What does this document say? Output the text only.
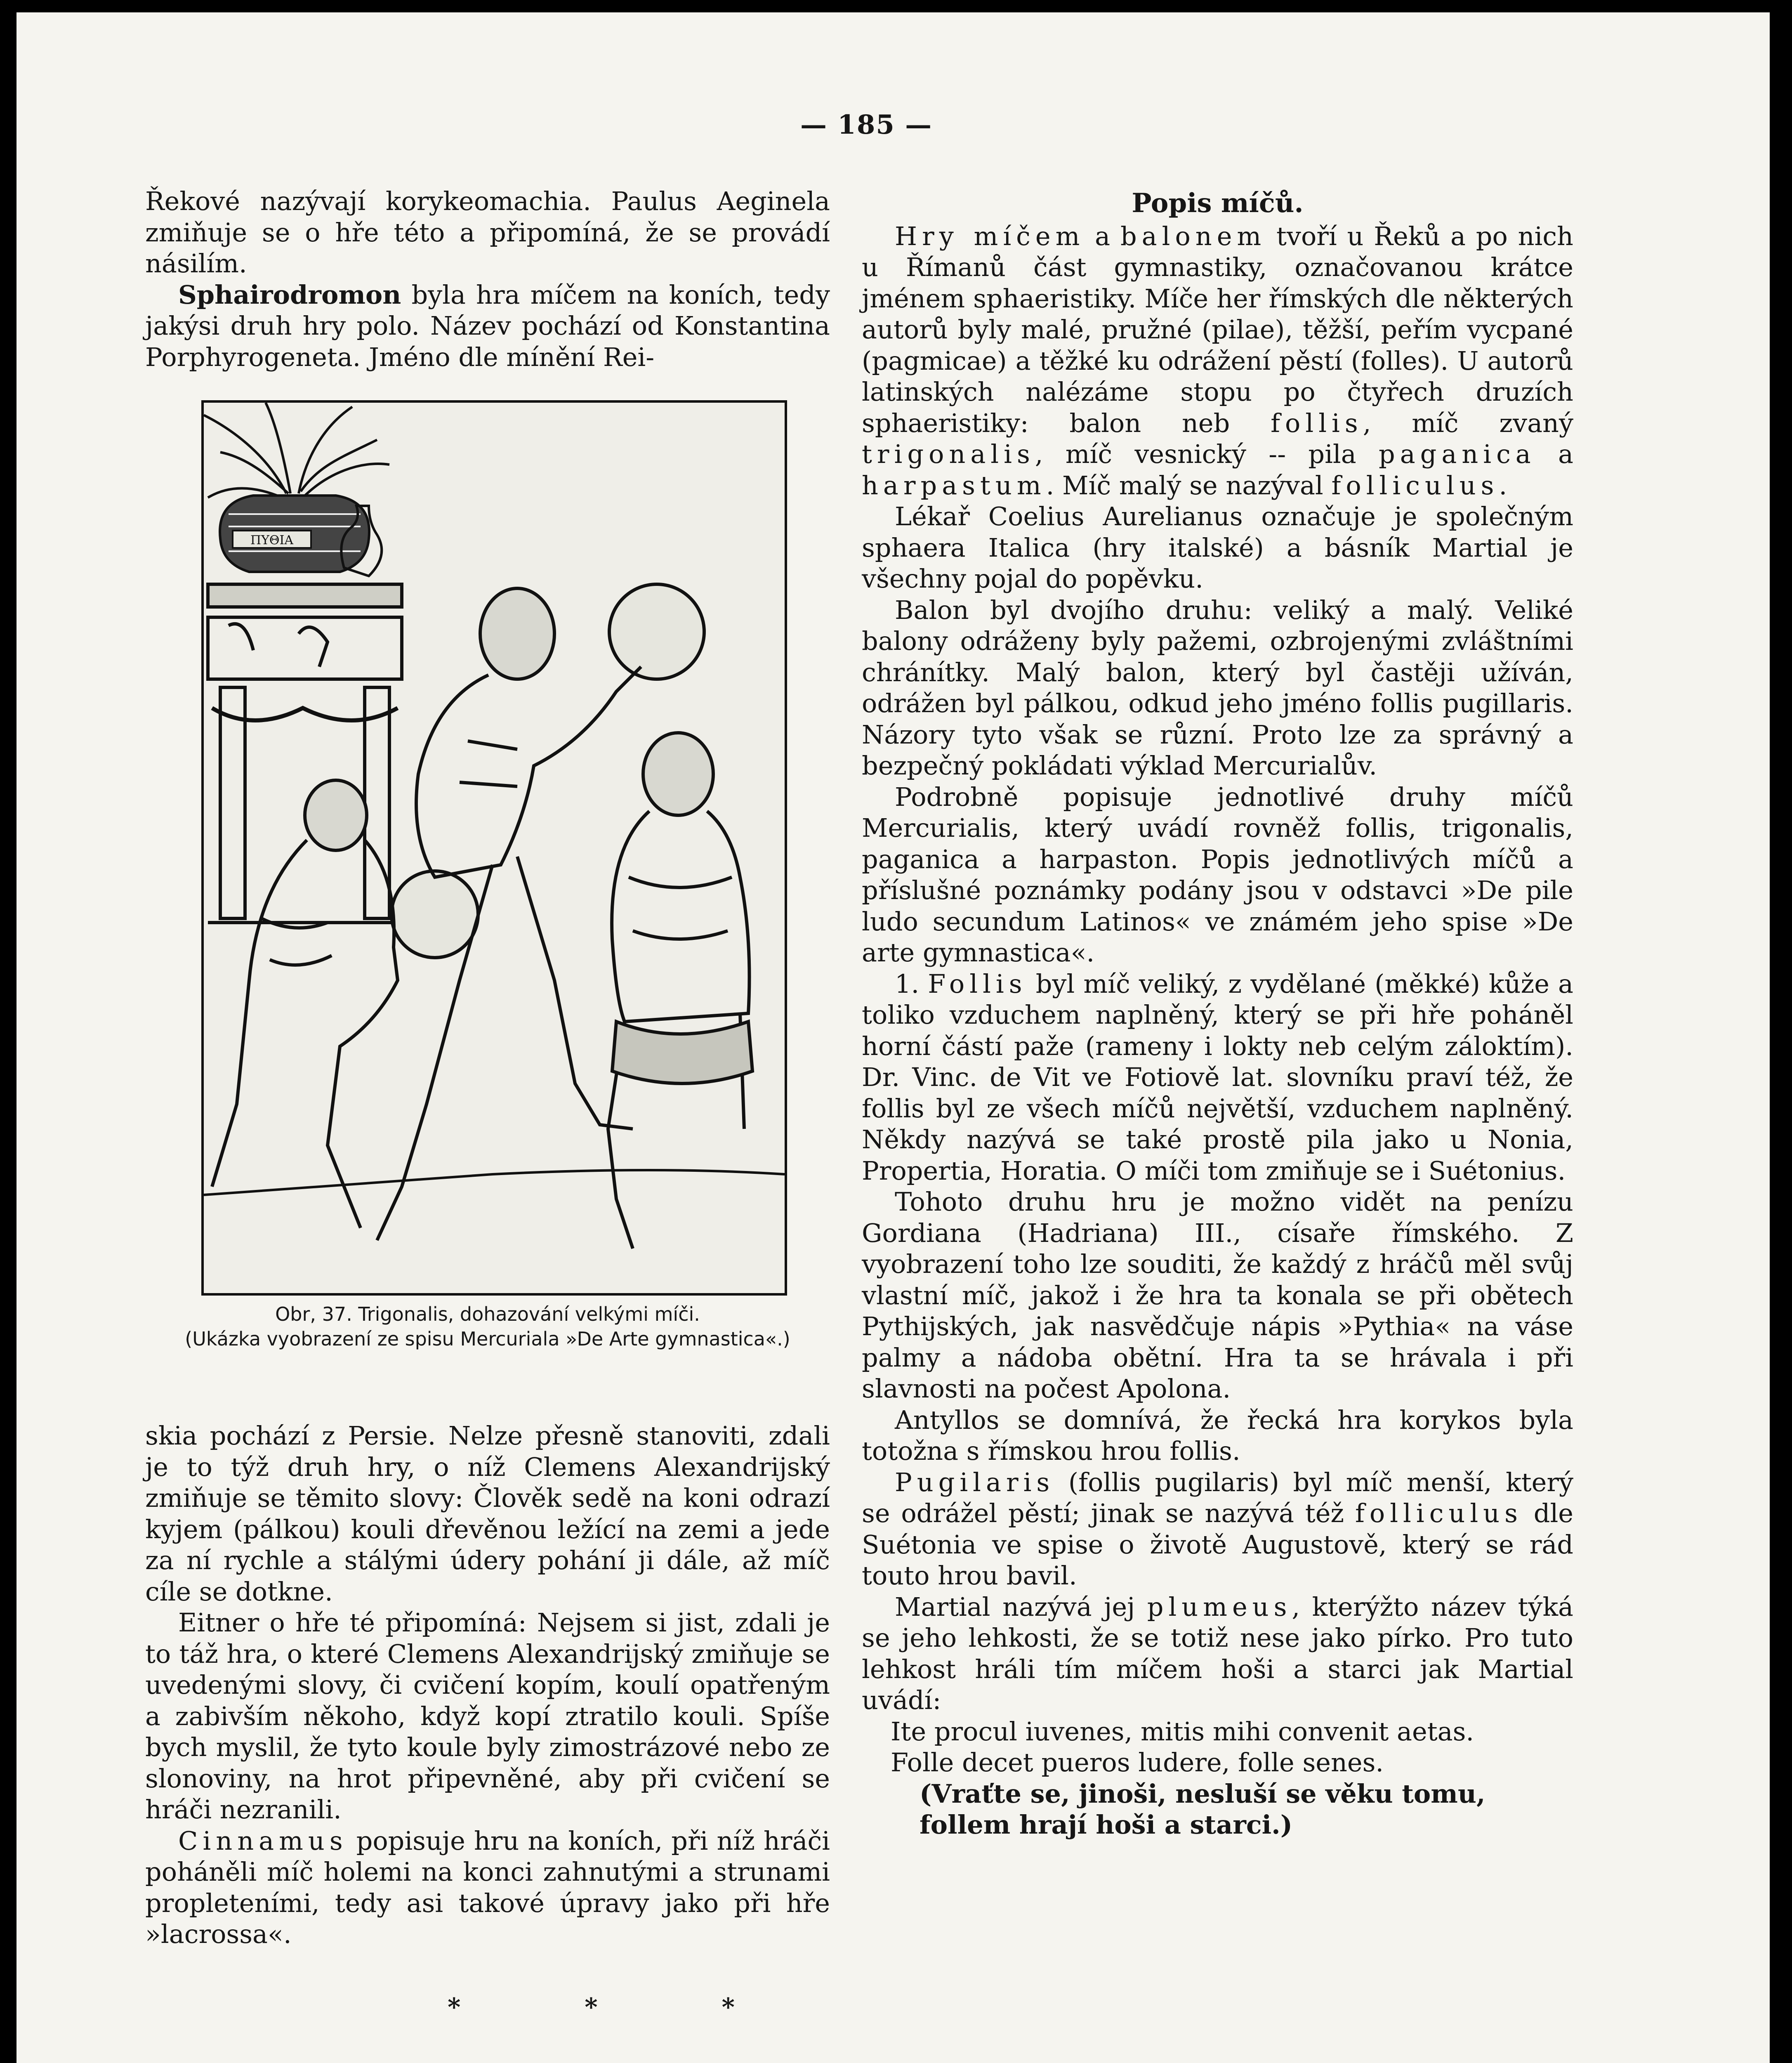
— 185 —

Řekové nazývají korykeomachia. Paulus Aeginela zmiňuje se o hře této a připomíná, že se provádí násilím.

Sphairodromon byla hra míčem na koních, tedy jakýsi druh hry polo. Název pochází od Konstantina Porphyrogeneta. Jméno dle mínění Rei-

ΠΥΘΙΑ
Obr, 37. Trigonalis, dohazování velkými míči.
(Ukázka vyobrazení ze spisu Mercuriala »De Arte gymnastica«.)

skia pochází z Persie. Nelze přesně stanoviti, zdali je to týž druh hry, o níž Clemens Alexandrijský zmiňuje se těmito slovy: Člověk sedě na koni odrazí kyjem (pálkou) kouli dřevěnou ležící na zemi a jede za ní rychle a stálými údery pohání ji dále, až míč cíle se dotkne.

Eitner o hře té připomíná: Nejsem si jist, zdali je to táž hra, o které Clemens Alexandrijský zmiňuje se uvedenými slovy, či cvičení kopím, koulí opatřeným a zabivším někoho, když kopí ztratilo kouli. Spíše bych myslil, že tyto koule byly zimostrázové nebo ze slonoviny, na hrot připevněné, aby při cvičení se hráči nezranili.

Cinnamus popisuje hru na koních, při níž hráči poháněli míč holemi na konci zahnutými a strunami propleteními, tedy asi takové úpravy jako při hře »lacrossa«.

* * *

Popis míčů.

Hry míčem a balonem tvoří u Řeků a po nich u Římanů část gymnastiky, označovanou krátce jménem sphaeristiky. Míče her římských dle některých autorů byly malé, pružné (pilae), těžší, peřím vycpané (pagmicae) a těžké ku odrážení pěstí (folles). U autorů latinských nalézáme stopu po čtyřech druzích sphaeristiky: balon neb follis, míč zvaný trigonalis, míč vesnický -- pila paganica a harpastum. Míč malý se nazýval folliculus.

Lékař Coelius Aurelianus označuje je společným sphaera Italica (hry italské) a básník Martial je všechny pojal do popěvku.

Balon byl dvojího druhu: veliký a malý. Veliké balony odráženy byly pažemi, ozbrojenými zvláštními chránítky. Malý balon, který byl častěji užíván, odrážen byl pálkou, odkud jeho jméno follis pugillaris. Názory tyto však se různí. Proto lze za správný a bezpečný pokládati výklad Mercurialův.

Podrobně popisuje jednotlivé druhy míčů Mercurialis, který uvádí rovněž follis, trigonalis, paganica a harpaston. Popis jednotlivých míčů a příslušné poznámky podány jsou v odstavci »De pile ludo secundum Latinos« ve známém jeho spise »De arte gymnastica«.

1. Follis byl míč veliký, z vydělané (měkké) kůže a toliko vzduchem naplněný, který se při hře poháněl horní částí paže (rameny i lokty neb celým záloktím). Dr. Vinc. de Vit ve Fotiově lat. slovníku praví též, že follis byl ze všech míčů největší, vzduchem naplněný. Někdy nazývá se také prostě pila jako u Nonia, Propertia, Horatia. O míči tom zmiňuje se i Suétonius.

Tohoto druhu hru je možno vidět na penízu Gordiana (Hadriana) III., císaře římského. Z vyobrazení toho lze souditi, že každý z hráčů měl svůj vlastní míč, jakož i že hra ta konala se při obětech Pythijských, jak nasvědčuje nápis »Pythia« na váse palmy a nádoba obětní. Hra ta se hrávala i při slavnosti na počest Apolona.

Antyllos se domnívá, že řecká hra korykos byla totožna s římskou hrou follis.

Pugilaris (follis pugilaris) byl míč menší, který se odrážel pěstí; jinak se nazývá též folliculus dle Suétonia ve spise o životě Augustově, který se rád touto hrou bavil.

Martial nazývá jej plumeus, kterýžto název týká se jeho lehkosti, že se totiž nese jako pírko. Pro tuto lehkost hráli tím míčem hoši a starci jak Martial uvádí:

Ite procul iuvenes, mitis mihi convenit aetas.

Folle decet pueros ludere, folle senes.

(Vraťte se, jinoši, nesluší se věku tomu,

follem hrají hoši a starci.)
